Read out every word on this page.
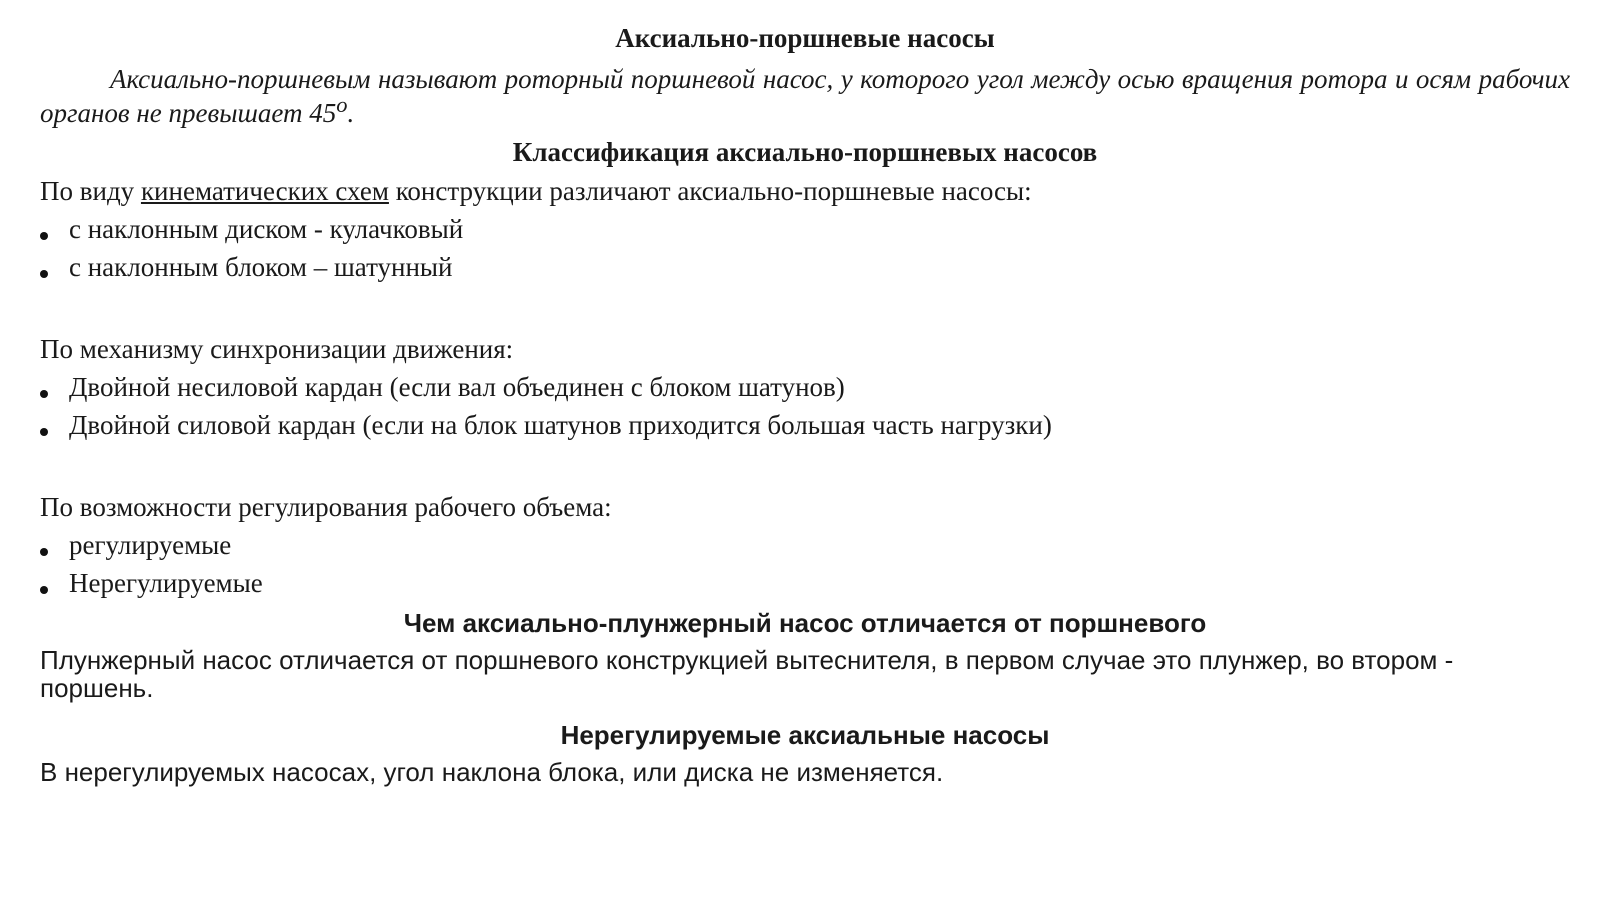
Аксиально-поршневые насосы

Аксиально-поршневым называют роторный поршневой насос, у которого угол между осью вращения ротора и осям рабочих органов не превышает $45^о$.

Классификация аксиально-поршневых насосов

По виду кинематических схем конструкции различают аксиально-поршневые насосы:

с наклонным диском - кулачковый
с наклонным блоком – шатунный

По механизму синхронизации движения:

Двойной несиловой кардан (если вал объединен с блоком шатунов)
Двойной силовой кардан (если на блок шатунов приходится большая часть нагрузки)

По возможности регулирования рабочего объема:

регулируемые
Нерегулируемые
Чем аксиально-плунжерный насос отличается от поршневого

Плунжерный насос отличается от поршневого конструкцией вытеснителя, в первом случае это плунжер, во втором - поршень.

Нерегулируемые аксиальные насосы

В нерегулируемых насосах, угол наклона блока, или диска не изменяется.
